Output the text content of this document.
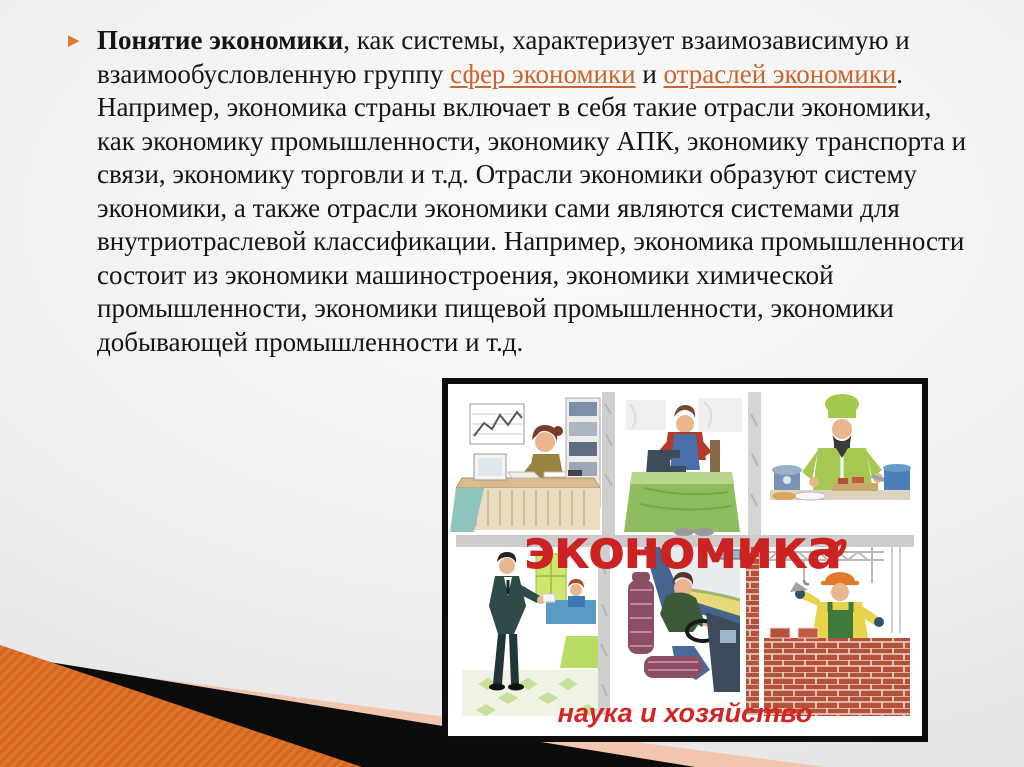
▶ Понятие экономики, как системы, характеризует взаимозависимую и взаимообусловленную группу сфер экономики и отраслей экономики. Например, экономика страны включает в себя такие отрасли экономики, как экономику промышленности, экономику АПК, экономику транспорта и связи, экономику торговли и т.д. Отрасли экономики образуют систему экономики, а также отрасли экономики сами являются системами для внутриотраслевой классификации. Например, экономика промышленности состоит из экономики машиностроения, экономики химической промышленности, экономики пищевой промышленности, экономики добывающей промышленности и т.д.

экономика
наука и хозяйство
